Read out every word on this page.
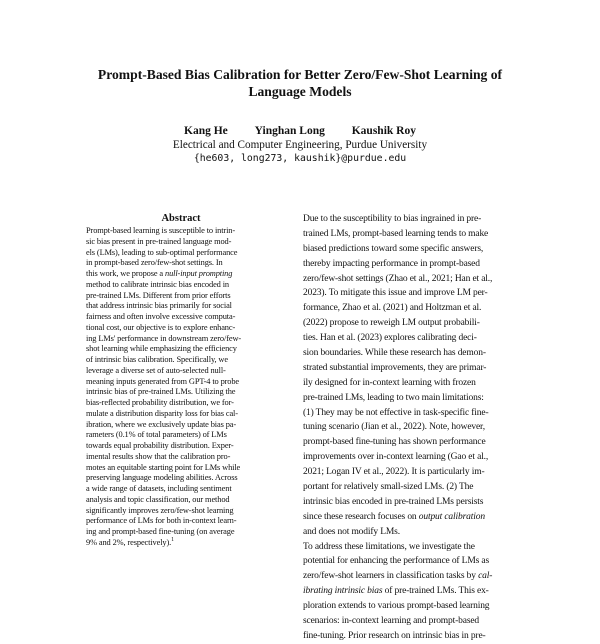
Prompt-Based Bias Calibration for Better Zero/Few-Shot Learning of
Language Models
Kang He Yinghan Long Kaushik Roy
Electrical and Computer Engineering, Purdue University
{he603, long273, kaushik}@purdue.edu
Abstract
Prompt-based learning is susceptible to intrin-
sic bias present in pre-trained language mod-
els (LMs), leading to sub-optimal performance
in prompt-based zero/few-shot settings. In
this work, we propose a null-input prompting
method to calibrate intrinsic bias encoded in
pre-trained LMs. Different from prior efforts
that address intrinsic bias primarily for social
fairness and often involve excessive computa-
tional cost, our objective is to explore enhanc-
ing LMs' performance in downstream zero/few-
shot learning while emphasizing the efficiency
of intrinsic bias calibration. Specifically, we
leverage a diverse set of auto-selected null-
meaning inputs generated from GPT-4 to probe
intrinsic bias of pre-trained LMs. Utilizing the
bias-reflected probability distribution, we for-
mulate a distribution disparity loss for bias cal-
ibration, where we exclusively update bias pa-
rameters (0.1% of total parameters) of LMs
towards equal probability distribution. Exper-
imental results show that the calibration pro-
motes an equitable starting point for LMs while
preserving language modeling abilities. Across
a wide range of datasets, including sentiment
analysis and topic classification, our method
significantly improves zero/few-shot learning
performance of LMs for both in-context learn-
ing and prompt-based fine-tuning (on average
9% and 2%, respectively).$^1$
Due to the susceptibility to bias ingrained in pre-
trained LMs, prompt-based learning tends to make
biased predictions toward some specific answers,
thereby impacting performance in prompt-based
zero/few-shot settings (Zhao et al., 2021; Han et al.,
2023). To mitigate this issue and improve LM per-
formance, Zhao et al. (2021) and Holtzman et al.
(2022) propose to reweigh LM output probabili-
ties. Han et al. (2023) explores calibrating deci-
sion boundaries. While these research has demon-
strated substantial improvements, they are primar-
ily designed for in-context learning with frozen
pre-trained LMs, leading to two main limitations:
(1) They may be not effective in task-specific fine-
tuning scenario (Jian et al., 2022). Note, however,
prompt-based fine-tuning has shown performance
improvements over in-context learning (Gao et al.,
2021; Logan IV et al., 2022). It is particularly im-
portant for relatively small-sized LMs. (2) The
intrinsic bias encoded in pre-trained LMs persists
since these research focuses on output calibration
and does not modify LMs.
To address these limitations, we investigate the
potential for enhancing the performance of LMs as
zero/few-shot learners in classification tasks by cal-
ibrating intrinsic bias of pre-trained LMs. This ex-
ploration extends to various prompt-based learning
scenarios: in-context learning and prompt-based
fine-tuning. Prior research on intrinsic bias in pre-
